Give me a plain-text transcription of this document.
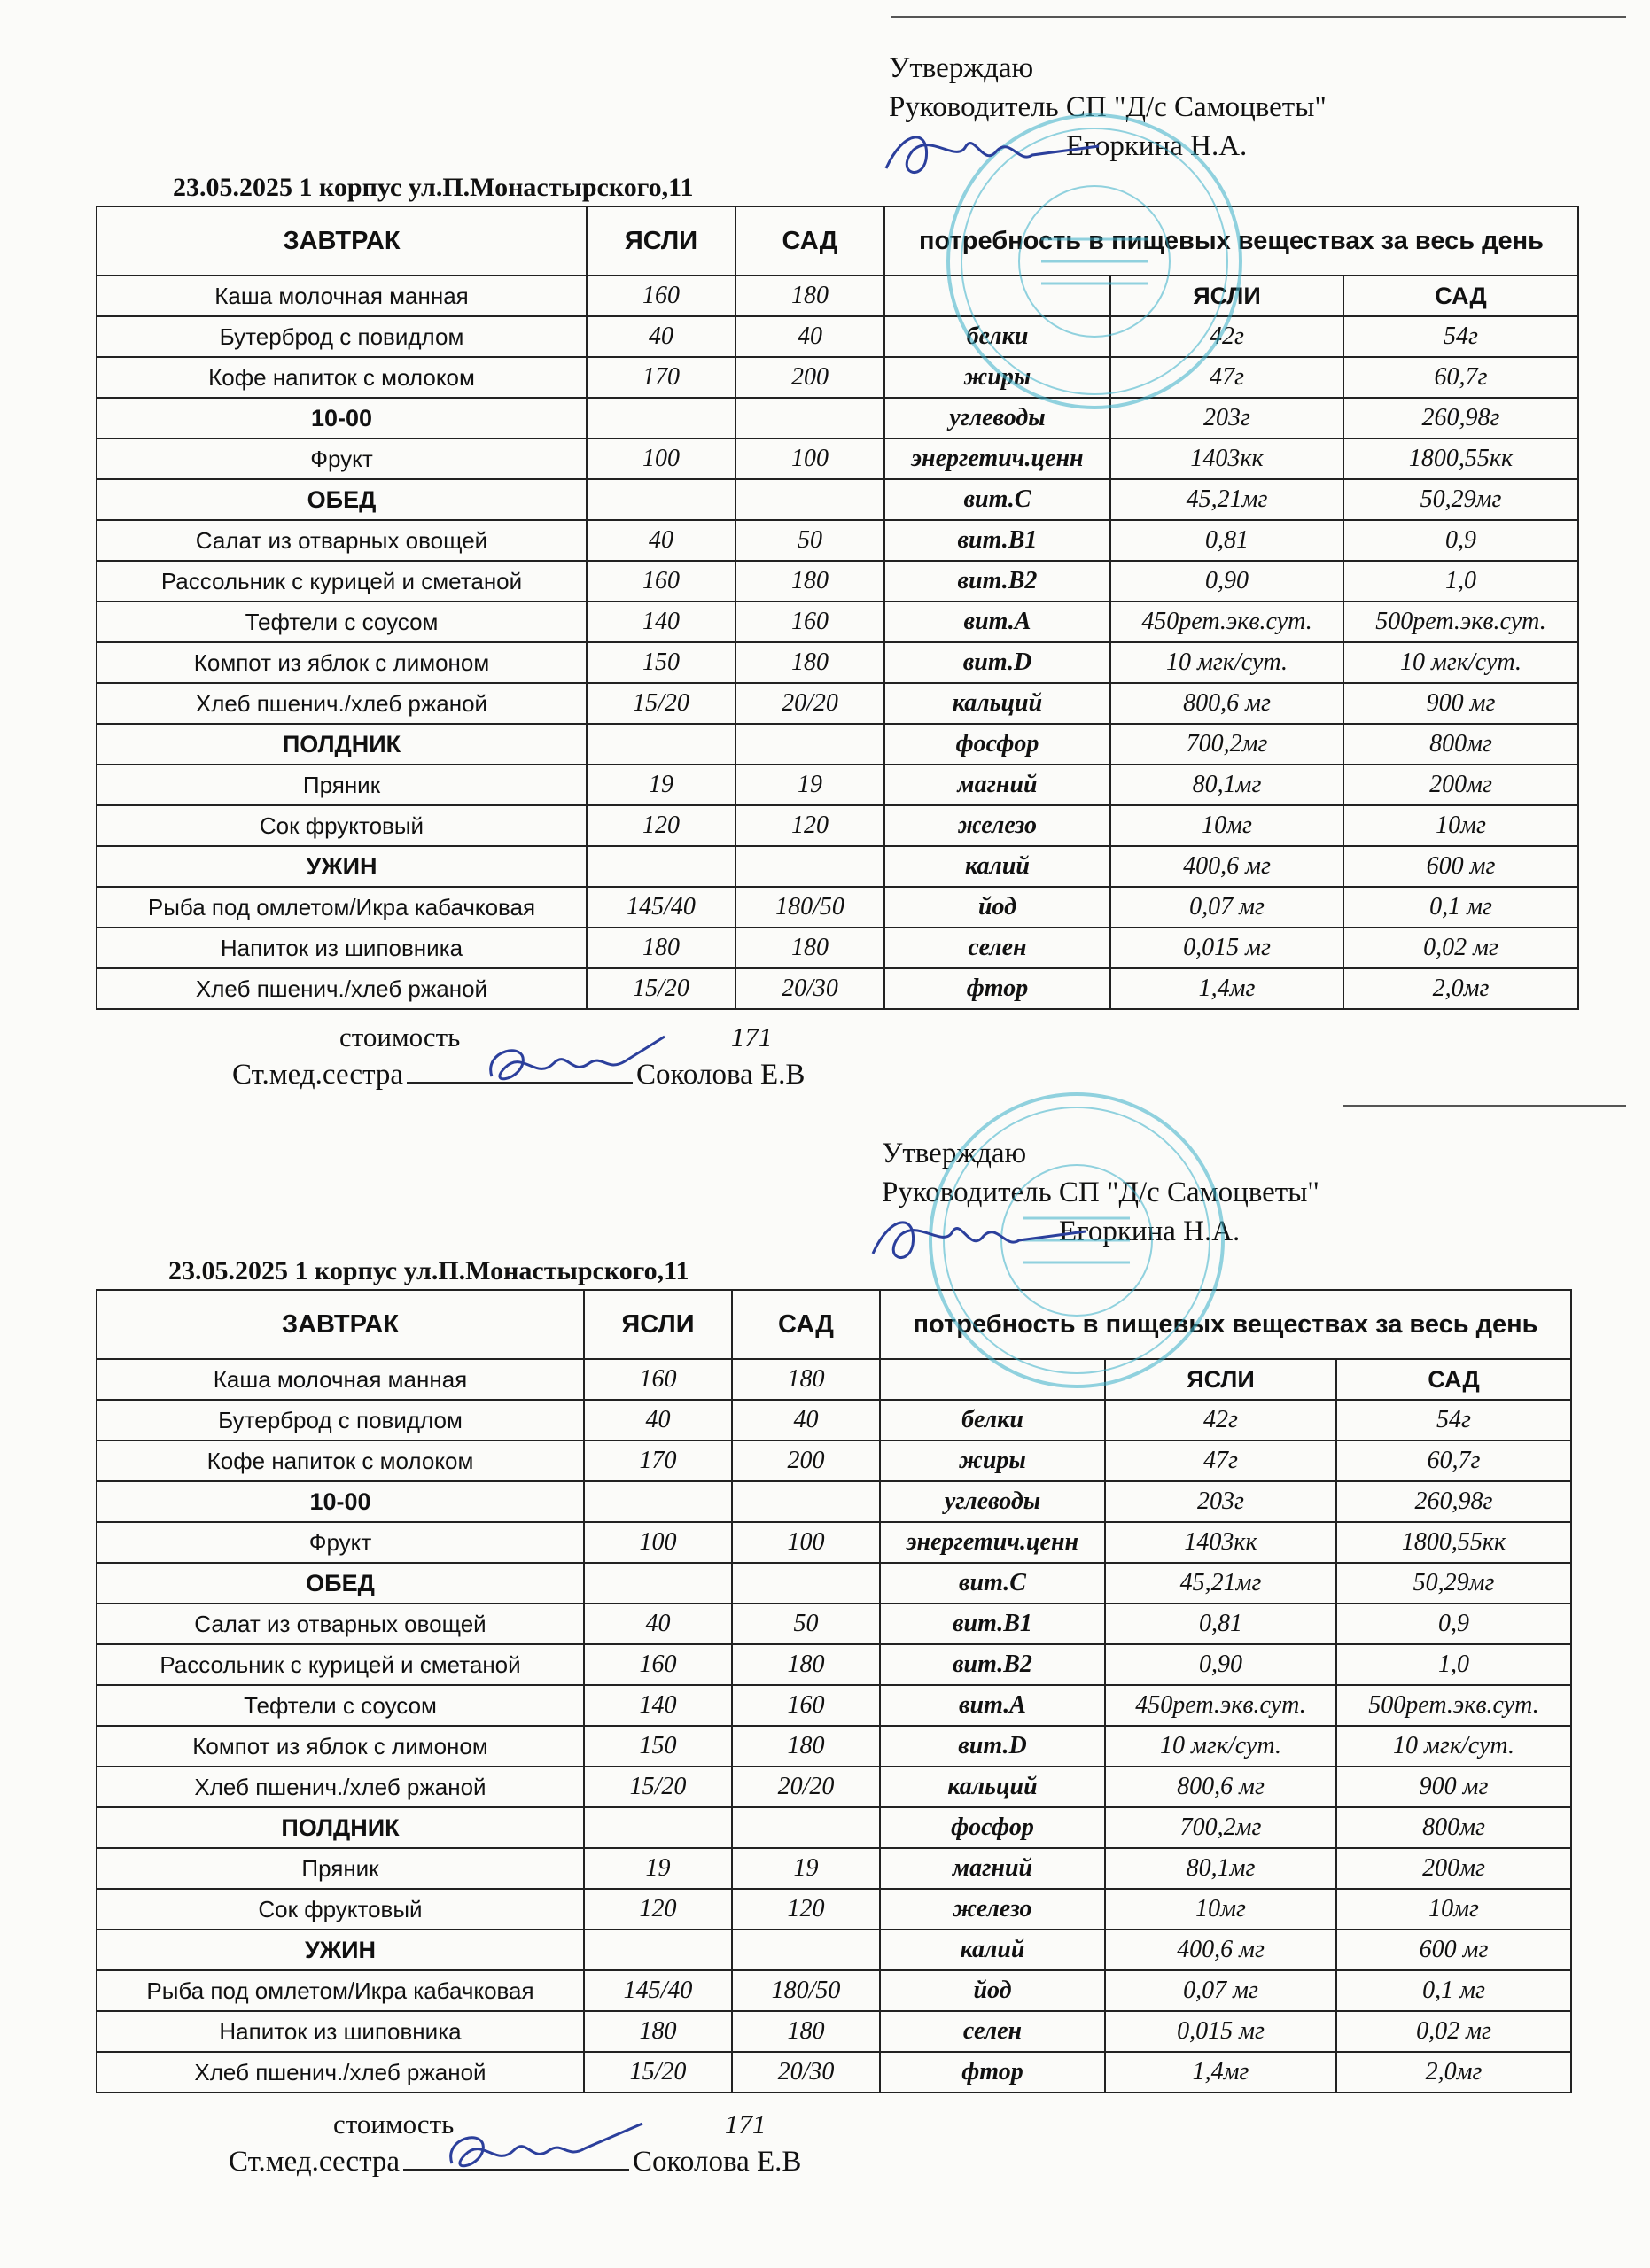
Утверждаю
Руководитель СП "Д/с Самоцветы"
Егоркина Н.А.
23.05.2025 1 корпус ул.П.Монастырского,11
ЗАВТРАК	ЯСЛИ	САД	потребность в пищевых веществах за весь день		
Каша молочная манная	160	180		ЯСЛИ	САД
Бутерброд с повидлом	40	40	белки	42г	54г
Кофе напиток с молоком	170	200	жиры	47г	60,7г
10-00			углеводы	203г	260,98г
Фрукт	100	100	энергетич.ценн	1403кк	1800,55кк
ОБЕД			вит.С	45,21мг	50,29мг
Салат из отварных овощей	40	50	вит.В1	0,81	0,9
Рассольник с курицей и сметаной	160	180	вит.В2	0,90	1,0
Тефтели с соусом	140	160	вит.А	450рет.экв.сут.	500рет.экв.сут.
Компот из яблок с лимоном	150	180	вит.D	10 мгк/сут.	10 мгк/сут.
Хлеб пшенич./хлеб ржаной	15/20	20/20	кальций	800,6 мг	900 мг
ПОЛДНИК			фосфор	700,2мг	800мг
Пряник	19	19	магний	80,1мг	200мг
Сок фруктовый	120	120	железо	10мг	10мг
УЖИН			калий	400,6 мг	600 мг
Рыба под омлетом/Икра кабачковая	145/40	180/50	йод	0,07 мг	0,1 мг
Напиток из шиповника	180	180	селен	0,015 мг	0,02 мг
Хлеб пшенич./хлеб ржаной	15/20	20/30	фтор	1,4мг	2,0мг
стоимость	171
Ст.мед.сестра	Соколова Е.В
Утверждаю
Руководитель СП "Д/с Самоцветы"
Егоркина Н.А.
23.05.2025 1 корпус ул.П.Монастырского,11
ЗАВТРАК	ЯСЛИ	САД	потребность в пищевых веществах за весь день		
Каша молочная манная	160	180		ЯСЛИ	САД
Бутерброд с повидлом	40	40	белки	42г	54г
Кофе напиток с молоком	170	200	жиры	47г	60,7г
10-00			углеводы	203г	260,98г
Фрукт	100	100	энергетич.ценн	1403кк	1800,55кк
ОБЕД			вит.С	45,21мг	50,29мг
Салат из отварных овощей	40	50	вит.В1	0,81	0,9
Рассольник с курицей и сметаной	160	180	вит.В2	0,90	1,0
Тефтели с соусом	140	160	вит.А	450рет.экв.сут.	500рет.экв.сут.
Компот из яблок с лимоном	150	180	вит.D	10 мгк/сут.	10 мгк/сут.
Хлеб пшенич./хлеб ржаной	15/20	20/20	кальций	800,6 мг	900 мг
ПОЛДНИК			фосфор	700,2мг	800мг
Пряник	19	19	магний	80,1мг	200мг
Сок фруктовый	120	120	железо	10мг	10мг
УЖИН			калий	400,6 мг	600 мг
Рыба под омлетом/Икра кабачковая	145/40	180/50	йод	0,07 мг	0,1 мг
Напиток из шиповника	180	180	селен	0,015 мг	0,02 мг
Хлеб пшенич./хлеб ржаной	15/20	20/30	фтор	1,4мг	2,0мг
стоимость	171
Ст.мед.сестра	Соколова Е.В
